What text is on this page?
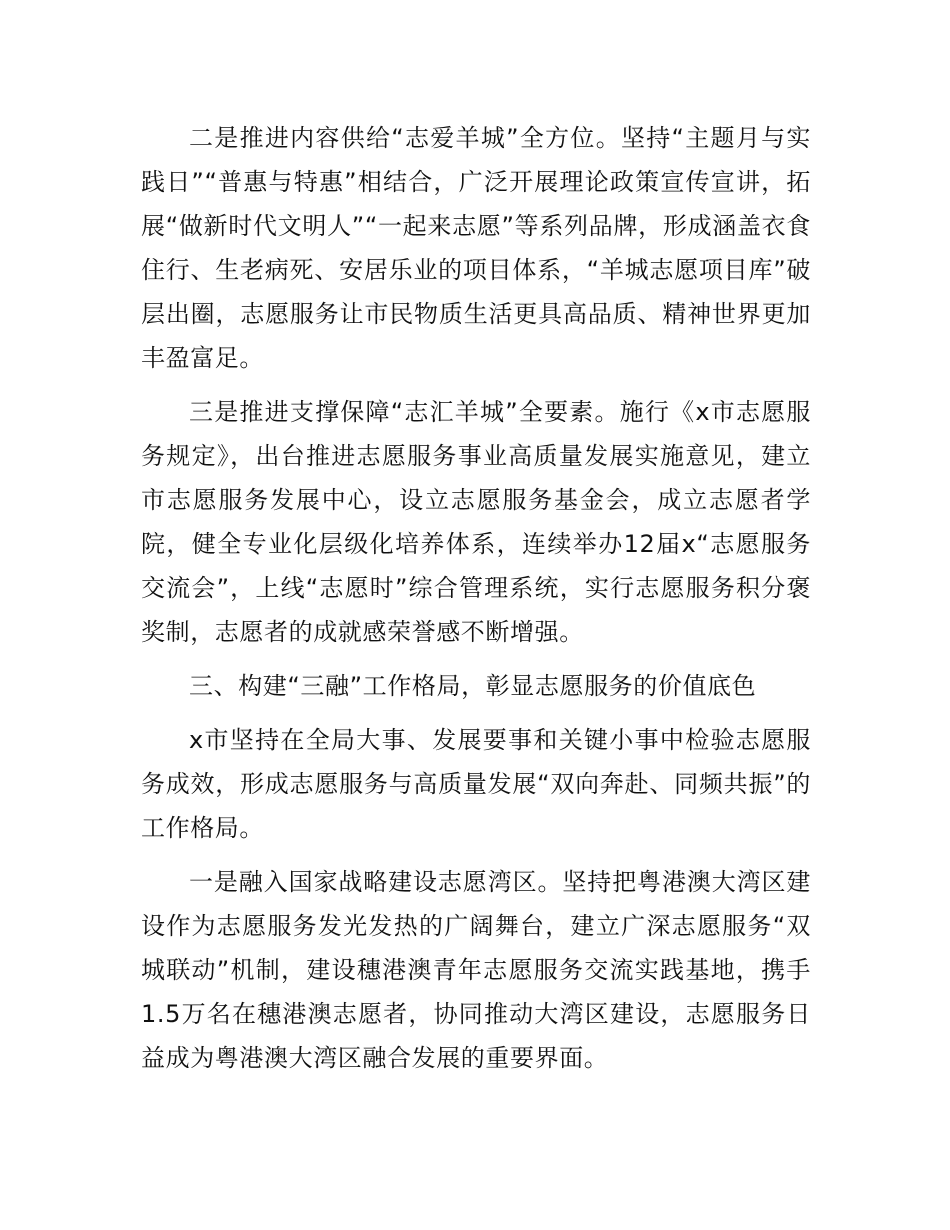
二是推进内容供给“志爱羊城”全方位。坚持“主题月与实践日”“普惠与特惠”相结合，广泛开展理论政策宣传宣讲，拓展“做新时代文明人”“一起来志愿”等系列品牌，形成涵盖衣食住行、生老病死、安居乐业的项目体系，“羊城志愿项目库”破层出圈，志愿服务让市民物质生活更具高品质、精神世界更加丰盈富足。

三是推进支撑保障“志汇羊城”全要素。施行《x市志愿服务规定》，出台推进志愿服务事业高质量发展实施意见，建立市志愿服务发展中心，设立志愿服务基金会，成立志愿者学院，健全专业化层级化培养体系，连续举办12届x“志愿服务交流会”，上线“志愿时”综合管理系统，实行志愿服务积分褒奖制，志愿者的成就感荣誉感不断增强。

三、构建“三融”工作格局，彰显志愿服务的价值底色

x市坚持在全局大事、发展要事和关键小事中检验志愿服务成效，形成志愿服务与高质量发展“双向奔赴、同频共振”的工作格局。

一是融入国家战略建设志愿湾区。坚持把粤港澳大湾区建设作为志愿服务发光发热的广阔舞台，建立广深志愿服务“双城联动”机制，建设穗港澳青年志愿服务交流实践基地，携手1.5万名在穗港澳志愿者，协同推动大湾区建设，志愿服务日益成为粤港澳大湾区融合发展的重要界面。
